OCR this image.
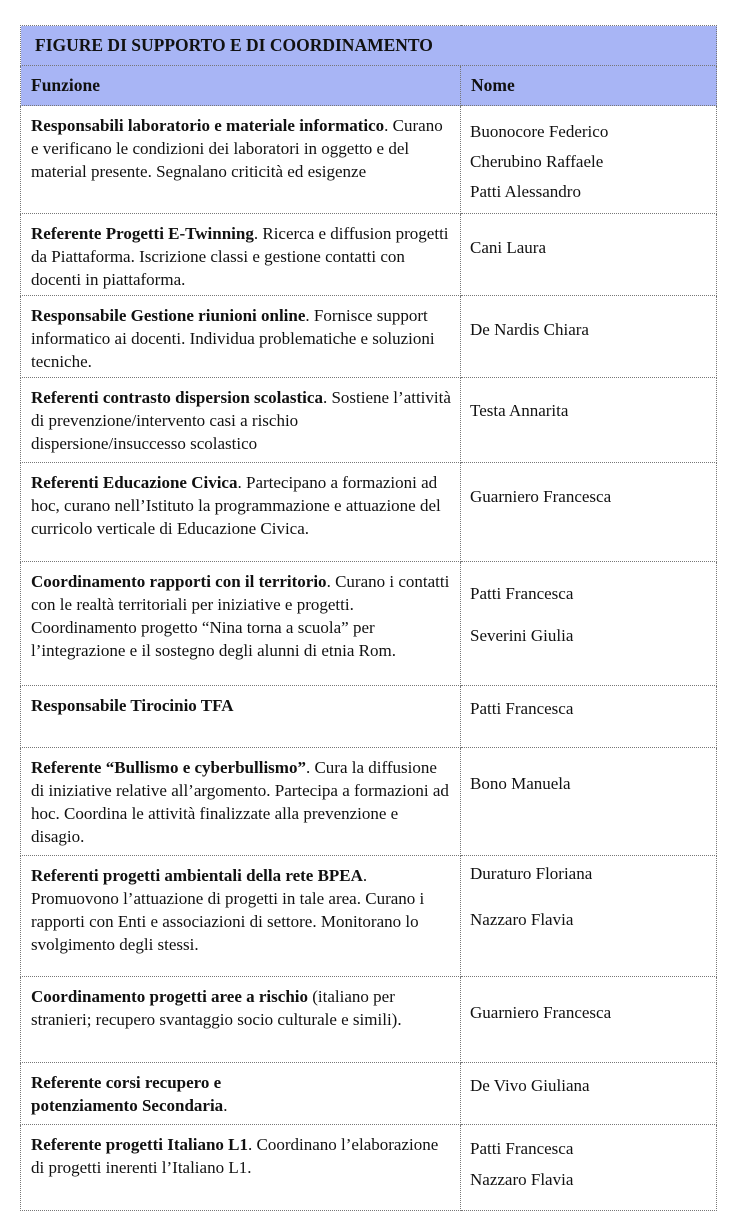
FIGURE DI SUPPORTO E DI COORDINAMENTO	
Funzione	Nome

Responsabili laboratorio e materiale informatico. Curano e verificano le condizioni dei laboratori in oggetto e del material presente. Segnalano criticità ed esigenze	Buonocore Federico
Cherubino Raffaele
Patti Alessandro

Referente Progetti E-Twinning. Ricerca e diffusion progetti da Piattaforma. Iscrizione classi e gestione contatti con docenti in piattaforma.	Cani Laura

Responsabile Gestione riunioni online. Fornisce support informatico ai docenti. Individua problematiche e soluzioni tecniche.	De Nardis Chiara

Referenti contrasto dispersion scolastica. Sostiene l’attività di prevenzione/intervento casi a rischio dispersione/insuccesso scolastico	Testa Annarita

Referenti Educazione Civica. Partecipano a formazioni ad hoc, curano nell’Istituto la programmazione e attuazione del curricolo verticale di Educazione Civica.	Guarniero Francesca

Coordinamento rapporti con il territorio. Curano i contatti con le realtà territoriali per iniziative e progetti. Coordinamento progetto “Nina torna a scuola” per l’integrazione e il sostegno degli alunni di etnia Rom.	Patti Francesca
Severini Giulia

Responsabile Tirocinio TFA	Patti Francesca

Referente “Bullismo e cyberbullismo”. Cura la diffusione di iniziative relative all’argomento. Partecipa a formazioni ad hoc. Coordina le attività finalizzate alla prevenzione e disagio.	Bono Manuela

Referenti progetti ambientali della rete BPEA. Promuovono l’attuazione di progetti in tale area. Curano i rapporti con Enti e associazioni di settore. Monitorano lo svolgimento degli stessi.	Duraturo Floriana
Nazzaro Flavia

Coordinamento progetti aree a rischio (italiano per stranieri; recupero svantaggio socio culturale e simili).	Guarniero Francesca

Referente corsi recupero e potenziamento Secondaria.	De Vivo Giuliana

Referente progetti Italiano L1. Coordinano l’elaborazione di progetti inerenti l’Italiano L1.	Patti Francesca
Nazzaro Flavia
